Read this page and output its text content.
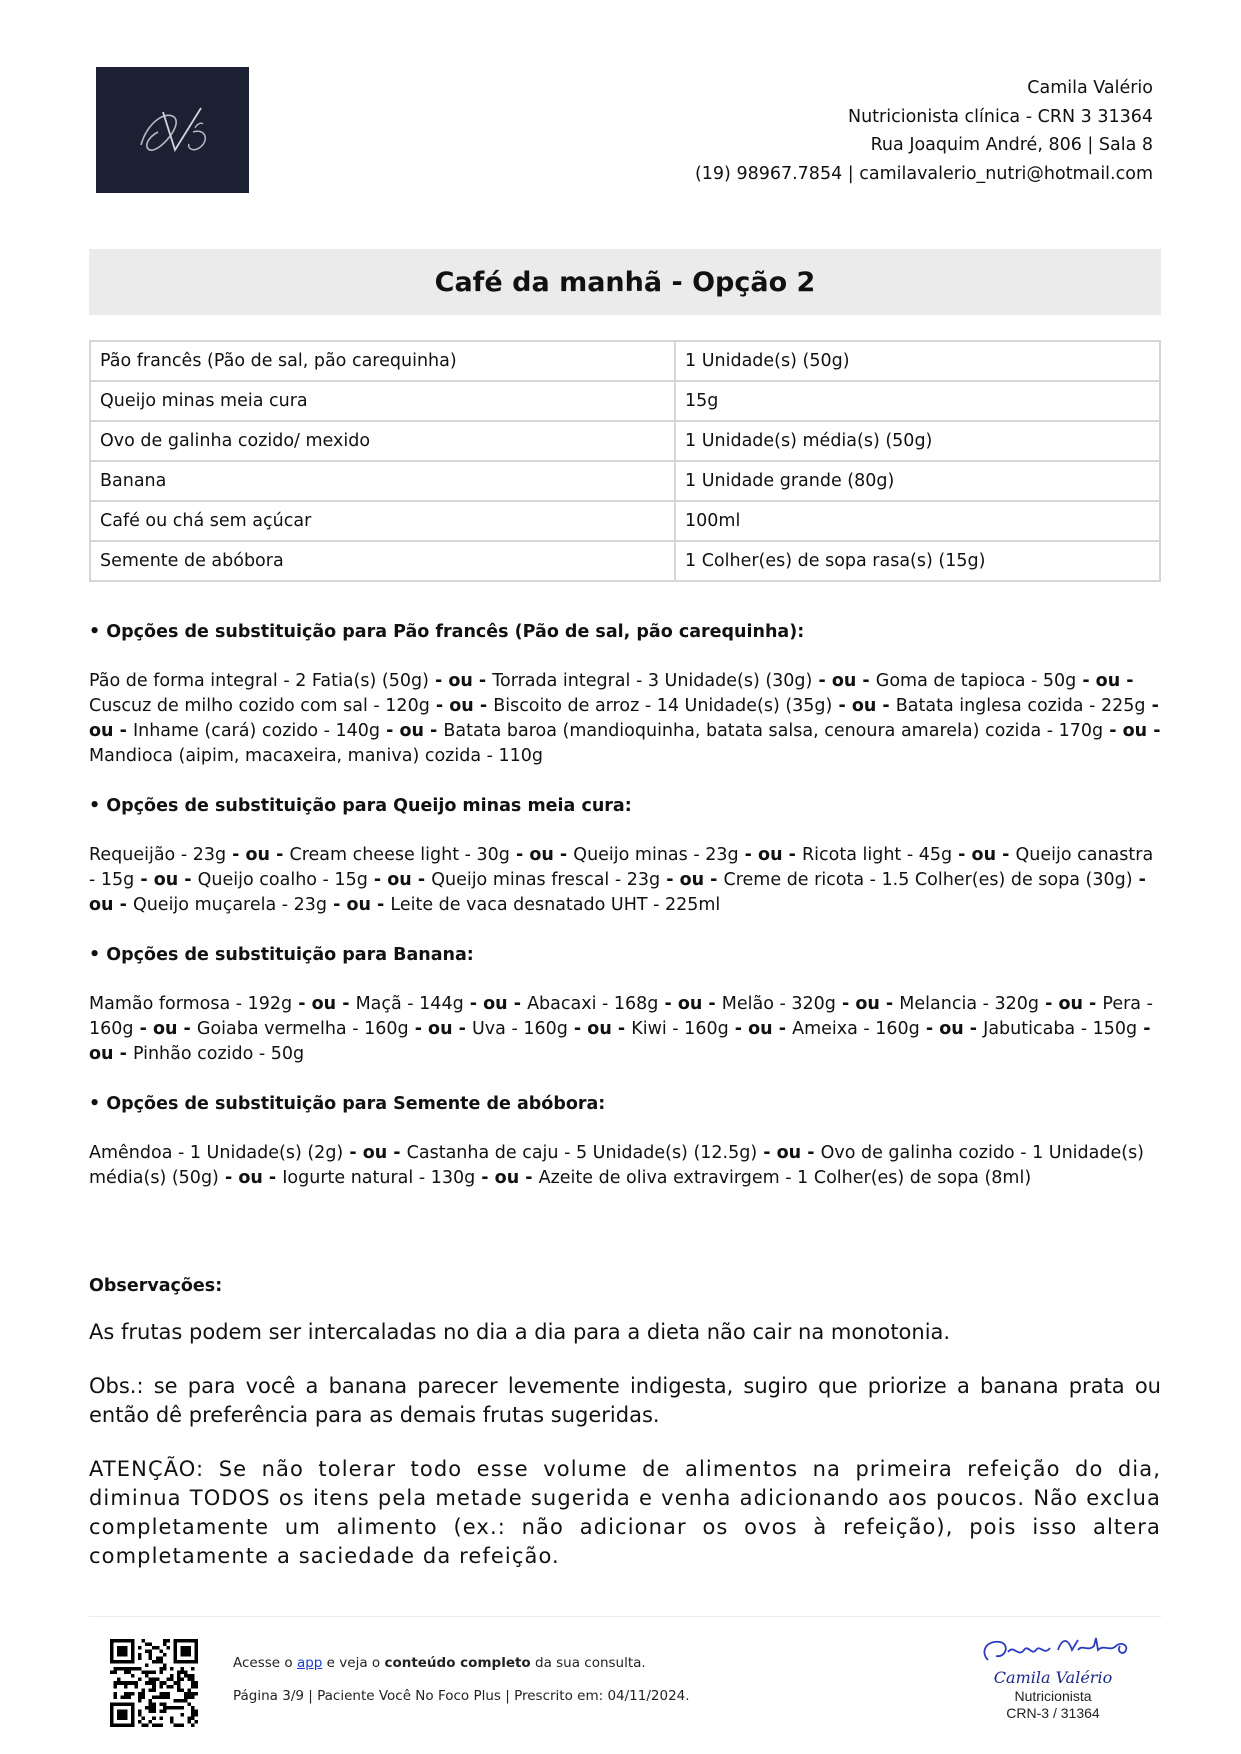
Camila Valério
Nutricionista clínica - CRN 3 31364
Rua Joaquim André, 806 | Sala 8
(19) 98967.7854 | camilavalerio_nutri@hotmail.com
Café da manhã - Opção 2
Pão francês (Pão de sal, pão carequinha)	1 Unidade(s) (50g)
Queijo minas meia cura	15g
Ovo de galinha cozido/ mexido	1 Unidade(s) média(s) (50g)
Banana	1 Unidade grande (80g)
Café ou chá sem açúcar	100ml
Semente de abóbora	1 Colher(es) de sopa rasa(s) (15g)
• Opções de substituição para Pão francês (Pão de sal, pão carequinha):
Pão de forma integral - 2 Fatia(s) (50g) - ou - Torrada integral - 3 Unidade(s) (30g) - ou - Goma de tapioca - 50g - ou - Cuscuz de milho cozido com sal - 120g - ou - Biscoito de arroz - 14 Unidade(s) (35g) - ou - Batata inglesa cozida - 225g - ou - Inhame (cará) cozido - 140g - ou - Batata baroa (mandioquinha, batata salsa, cenoura amarela) cozida - 170g - ou - Mandioca (aipim, macaxeira, maniva) cozida - 110g
• Opções de substituição para Queijo minas meia cura:
Requeijão - 23g - ou - Cream cheese light - 30g - ou - Queijo minas - 23g - ou - Ricota light - 45g - ou - Queijo canastra - 15g - ou - Queijo coalho - 15g - ou - Queijo minas frescal - 23g - ou - Creme de ricota - 1.5 Colher(es) de sopa (30g) - ou - Queijo muçarela - 23g - ou - Leite de vaca desnatado UHT - 225ml
• Opções de substituição para Banana:
Mamão formosa - 192g - ou - Maçã - 144g - ou - Abacaxi - 168g - ou - Melão - 320g - ou - Melancia - 320g - ou - Pera - 160g - ou - Goiaba vermelha - 160g - ou - Uva - 160g - ou - Kiwi - 160g - ou - Ameixa - 160g - ou - Jabuticaba - 150g - ou - Pinhão cozido - 50g
• Opções de substituição para Semente de abóbora:
Amêndoa - 1 Unidade(s) (2g) - ou - Castanha de caju - 5 Unidade(s) (12.5g) - ou - Ovo de galinha cozido - 1 Unidade(s) média(s) (50g) - ou - Iogurte natural - 130g - ou - Azeite de oliva extravirgem - 1 Colher(es) de sopa (8ml)
Observações:
As frutas podem ser intercaladas no dia a dia para a dieta não cair na monotonia.
Obs.: se para você a banana parecer levemente indigesta, sugiro que priorize a banana prata ou então dê preferência para as demais frutas sugeridas.
ATENÇÃO: Se não tolerar todo esse volume de alimentos na primeira refeição do dia, diminua TODOS os itens pela metade sugerida e venha adicionando aos poucos. Não exclua completamente um alimento (ex.: não adicionar os ovos à refeição), pois isso altera completamente a saciedade da refeição.
Acesse o app e veja o conteúdo completo da sua consulta.
Página 3/9 | Paciente Você No Foco Plus | Prescrito em: 04/11/2024.
Camila Valério
Nutricionista
CRN-3 / 31364
